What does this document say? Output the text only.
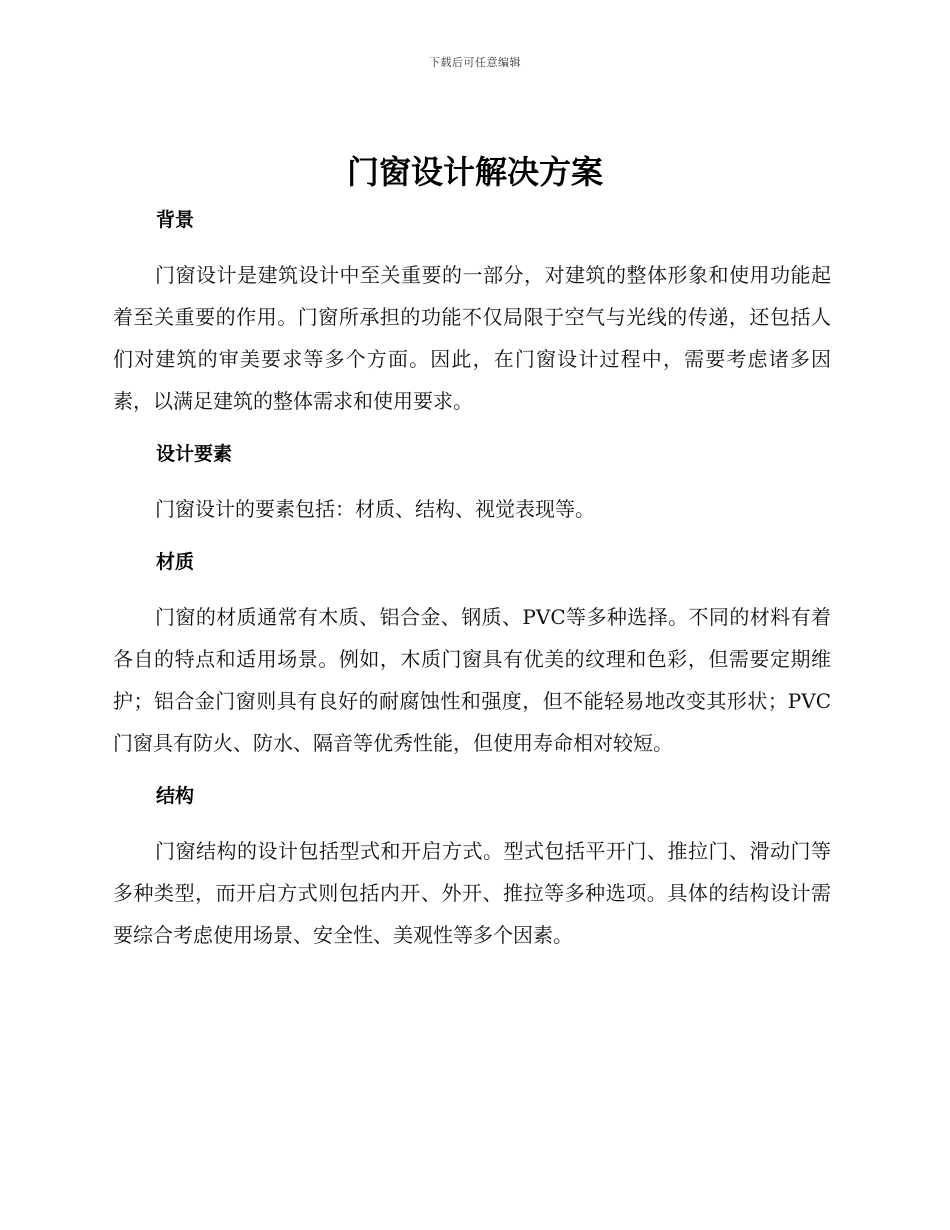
下载后可任意编辑
门窗设计解决方案
背景

门窗设计是建筑设计中至关重要的一部分，对建筑的整体形象和使用功能起着至关重要的作用。门窗所承担的功能不仅局限于空气与光线的传递，还包括人们对建筑的审美要求等多个方面。因此，在门窗设计过程中，需要考虑诸多因素，以满足建筑的整体需求和使用要求。

设计要素

门窗设计的要素包括：材质、结构、视觉表现等。

材质

门窗的材质通常有木质、铝合金、钢质、PVC等多种选择。不同的材料有着各自的特点和适用场景。例如，木质门窗具有优美的纹理和色彩，但需要定期维护；铝合金门窗则具有良好的耐腐蚀性和强度，但不能轻易地改变其形状；PVC门窗具有防火、防水、隔音等优秀性能，但使用寿命相对较短。

结构

门窗结构的设计包括型式和开启方式。型式包括平开门、推拉门、滑动门等多种类型，而开启方式则包括内开、外开、推拉等多种选项。具体的结构设计需要综合考虑使用场景、安全性、美观性等多个因素。
